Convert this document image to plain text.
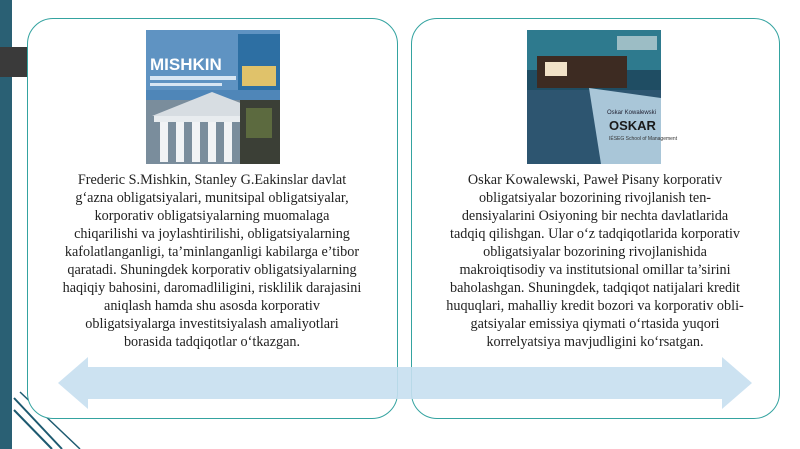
MISHKIN
Oskar Kowalewski
OSKAR
IÉSEG School of Management
Frederic S.Mishkin, Stanley G.Eakinslar davlat
g‘azna obligatsiyalari, munitsipal obligatsiyalar,
korporativ obligatsiyalarning muomalaga
chiqarilishi va joylashtirilishi, obligatsiyalarning
kafolatlanganligi, ta’minlanganligi kabilarga e’tibor
qaratadi. Shuningdek korporativ obligatsiyalarning
haqiqiy bahosini, daromadliligini, risklilik darajasini
aniqlash hamda shu asosda korporativ
obligatsiyalarga investitsiyalash amaliyotlari
borasida tadqiqotlar o‘tkazgan.
Oskar Kowalewski, Paweł Pisany korporativ
obligatsiyalar bozorining rivojlanish ten-
densiyalarini Osiyoning bir nechta davlatlarida
tadqiq qilishgan. Ular o‘z tadqiqotlarida korporativ
obligatsiyalar bozorining rivojlanishida
makroiqtisodiy va institutsional omillar ta’sirini
baholashgan. Shuningdek, tadqiqot natijalari kredit
huquqlari, mahalliy kredit bozori va korporativ obli-
gatsiyalar emissiya qiymati o‘rtasida yuqori
korrelyatsiya mavjudligini ko‘rsatgan.
